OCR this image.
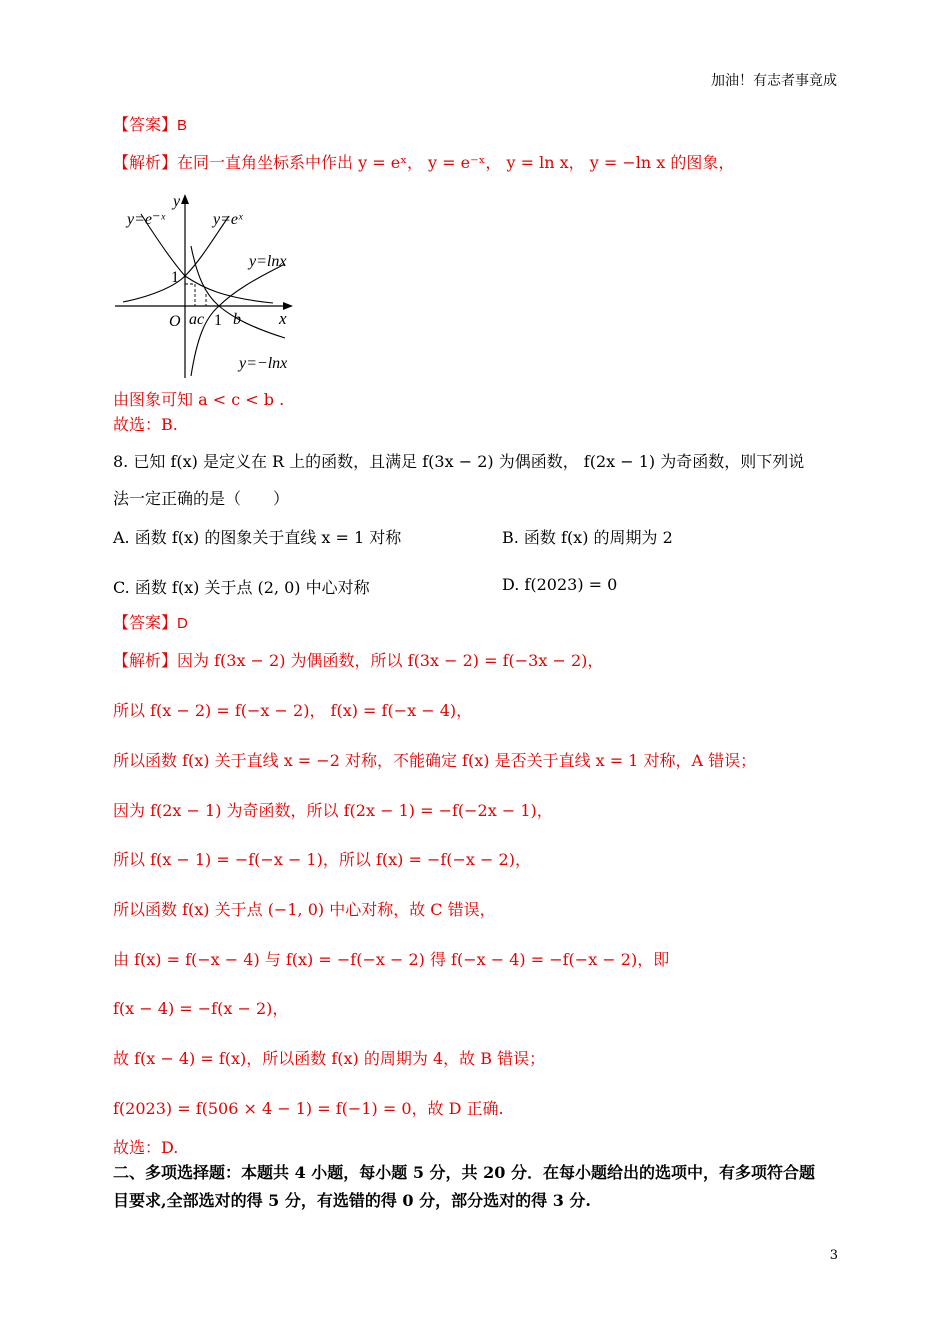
加油！有志者事竟成
【答案】B
【解析】在同一直角坐标系中作出 y = eˣ， y = e⁻ˣ， y = ln x， y = −ln x 的图象，
y=e⁻ˣ	y=eˣ
y=lnx
y=−lnx
y
x
O
1
ac 1 b
由图象可知 a < c < b .
故选：B.
8. 已知 f(x) 是定义在 R 上的函数，且满足 f(3x − 2) 为偶函数， f(2x − 1) 为奇函数，则下列说
法一定正确的是（　　）
A. 函数 f(x) 的图象关于直线 x = 1 对称	B. 函数 f(x) 的周期为 2
C. 函数 f(x) 关于点 (2, 0) 中心对称	D. f(2023) = 0
【答案】D
【解析】因为 f(3x − 2) 为偶函数，所以 f(3x − 2) = f(−3x − 2)，
所以 f(x − 2) = f(−x − 2)， f(x) = f(−x − 4)，
所以函数 f(x) 关于直线 x = −2 对称，不能确定 f(x) 是否关于直线 x = 1 对称，A 错误；
因为 f(2x − 1) 为奇函数，所以 f(2x − 1) = −f(−2x − 1)，
所以 f(x − 1) = −f(−x − 1)，所以 f(x) = −f(−x − 2)，
所以函数 f(x) 关于点 (−1, 0) 中心对称，故 C 错误，
由 f(x) = f(−x − 4) 与 f(x) = −f(−x − 2) 得 f(−x − 4) = −f(−x − 2)，即
f(x − 4) = −f(x − 2)，
故 f(x − 4) = f(x)，所以函数 f(x) 的周期为 4，故 B 错误；
f(2023) = f(506 × 4 − 1) = f(−1) = 0，故 D 正确.
故选：D.
二、多项选择题：本题共 4 小题，每小题 5 分，共 20 分．在每小题给出的选项中，有多项符合题
目要求,全部选对的得 5 分，有选错的得 0 分，部分选对的得 3 分.
3
